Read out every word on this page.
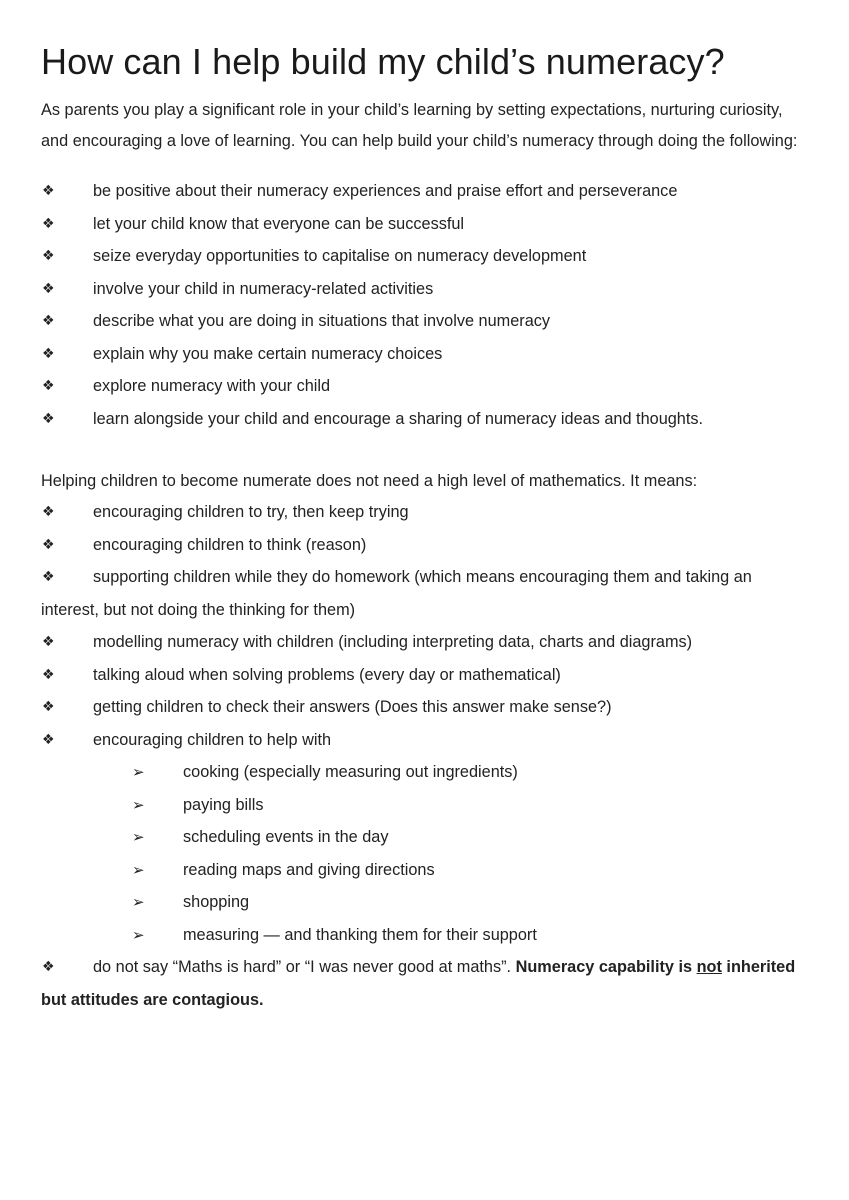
How can I help build my child’s numeracy?

As parents you play a significant role in your child’s learning by setting expectations, nurturing curiosity, and encouraging a love of learning. You can help build your child’s numeracy through doing the following:

❖ be positive about their numeracy experiences and praise effort and perseverance
❖ let your child know that everyone can be successful
❖ seize everyday opportunities to capitalise on numeracy development
❖ involve your child in numeracy-related activities
❖ describe what you are doing in situations that involve numeracy
❖ explain why you make certain numeracy choices
❖ explore numeracy with your child
❖ learn alongside your child and encourage a sharing of numeracy ideas and thoughts.

Helping children to become numerate does not need a high level of mathematics. It means:

❖ encouraging children to try, then keep trying
❖ encouraging children to think (reason)
❖ supporting children while they do homework (which means encouraging them and taking an interest, but not doing the thinking for them)
❖ modelling numeracy with children (including interpreting data, charts and diagrams)
❖ talking aloud when solving problems (every day or mathematical)
❖ getting children to check their answers (Does this answer make sense?)
❖ encouraging children to help with
➢ cooking (especially measuring out ingredients)
➢ paying bills
➢ scheduling events in the day
➢ reading maps and giving directions
➢ shopping
➢ measuring — and thanking them for their support
❖ do not say “Maths is hard” or “I was never good at maths”. Numeracy capability is not inherited but attitudes are contagious.
